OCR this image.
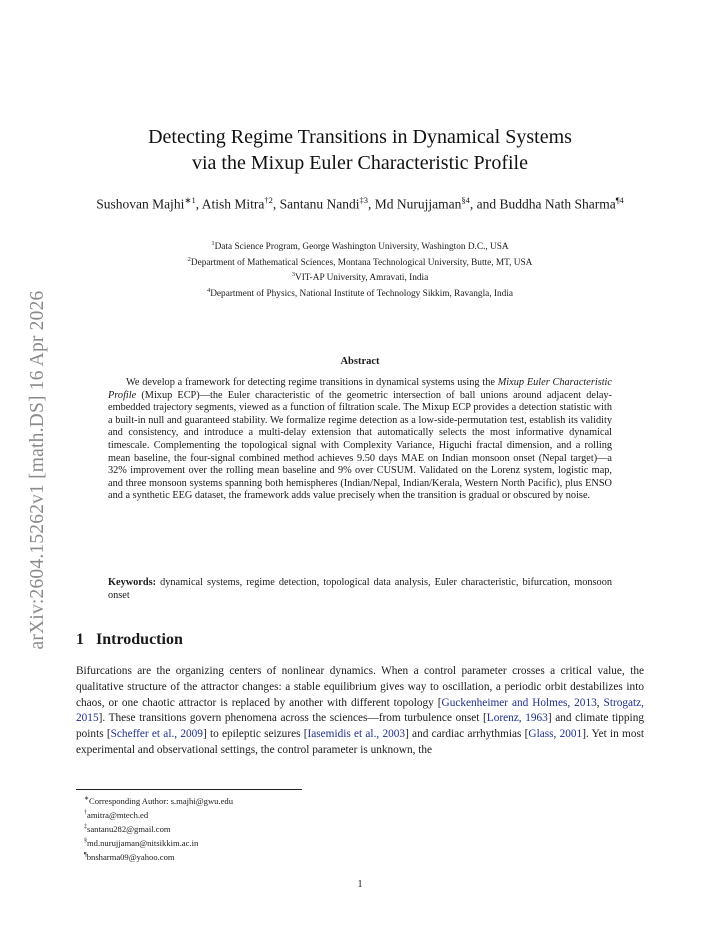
arXiv:2604.15262v1 [math.DS] 16 Apr 2026
Detecting Regime Transitions in Dynamical Systems
via the Mixup Euler Characteristic Profile
Sushovan Majhi$^{∗1}$, Atish Mitra$^{\dagger 2}$, Santanu Nandi$^{\ddagger 3}$, Md Nurujjaman$^{\S 4}$, and Buddha Nath Sharma$^{\P 4}$
$^1$Data Science Program, George Washington University, Washington D.C., USA
$^2$Department of Mathematical Sciences, Montana Technological University, Butte, MT, USA
$^3$VIT-AP University, Amravati, India
$^4$Department of Physics, National Institute of Technology Sikkim, Ravangla, India
Abstract
We develop a framework for detecting regime transitions in dynamical systems using the Mixup Euler Characteristic Profile (Mixup ECP)—the Euler characteristic of the geometric intersection of ball unions around adjacent delay-embedded trajectory segments, viewed as a function of filtration scale. The Mixup ECP provides a detection statistic with a built-in null and guaranteed stability. We formalize regime detection as a low-side-permutation test, establish its validity and consistency, and introduce a multi-delay extension that automatically selects the most informative dynamical timescale. Complementing the topological signal with Complexity Variance, Higuchi fractal dimension, and a rolling mean baseline, the four-signal combined method achieves 9.50 days MAE on Indian monsoon onset (Nepal target)—a 32% improvement over the rolling mean baseline and 9% over CUSUM. Validated on the Lorenz system, logistic map, and three monsoon systems spanning both hemispheres (Indian/Nepal, Indian/Kerala, Western North Pacific), plus ENSO and a synthetic EEG dataset, the framework adds value precisely when the transition is gradual or obscured by noise.
Keywords: dynamical systems, regime detection, topological data analysis, Euler characteristic, bifurcation, monsoon onset
1 Introduction
Bifurcations are the organizing centers of nonlinear dynamics. When a control parameter crosses a critical value, the qualitative structure of the attractor changes: a stable equilibrium gives way to oscillation, a periodic orbit destabilizes into chaos, or one chaotic attractor is replaced by another with different topology [Guckenheimer and Holmes, 2013, Strogatz, 2015]. These transitions govern phenomena across the sciences—from turbulence onset [Lorenz, 1963] and climate tipping points [Scheffer et al., 2009] to epileptic seizures [Iasemidis et al., 2003] and cardiac arrhythmias [Glass, 2001]. Yet in most experimental and observational settings, the control parameter is unknown, the
∗Corresponding Author: s.majhi@gwu.edu
†amitra@mtech.ed
‡santanu282@gmail.com
§md.nurujjaman@nitsikkim.ac.in
¶bnsharma09@yahoo.com
1
